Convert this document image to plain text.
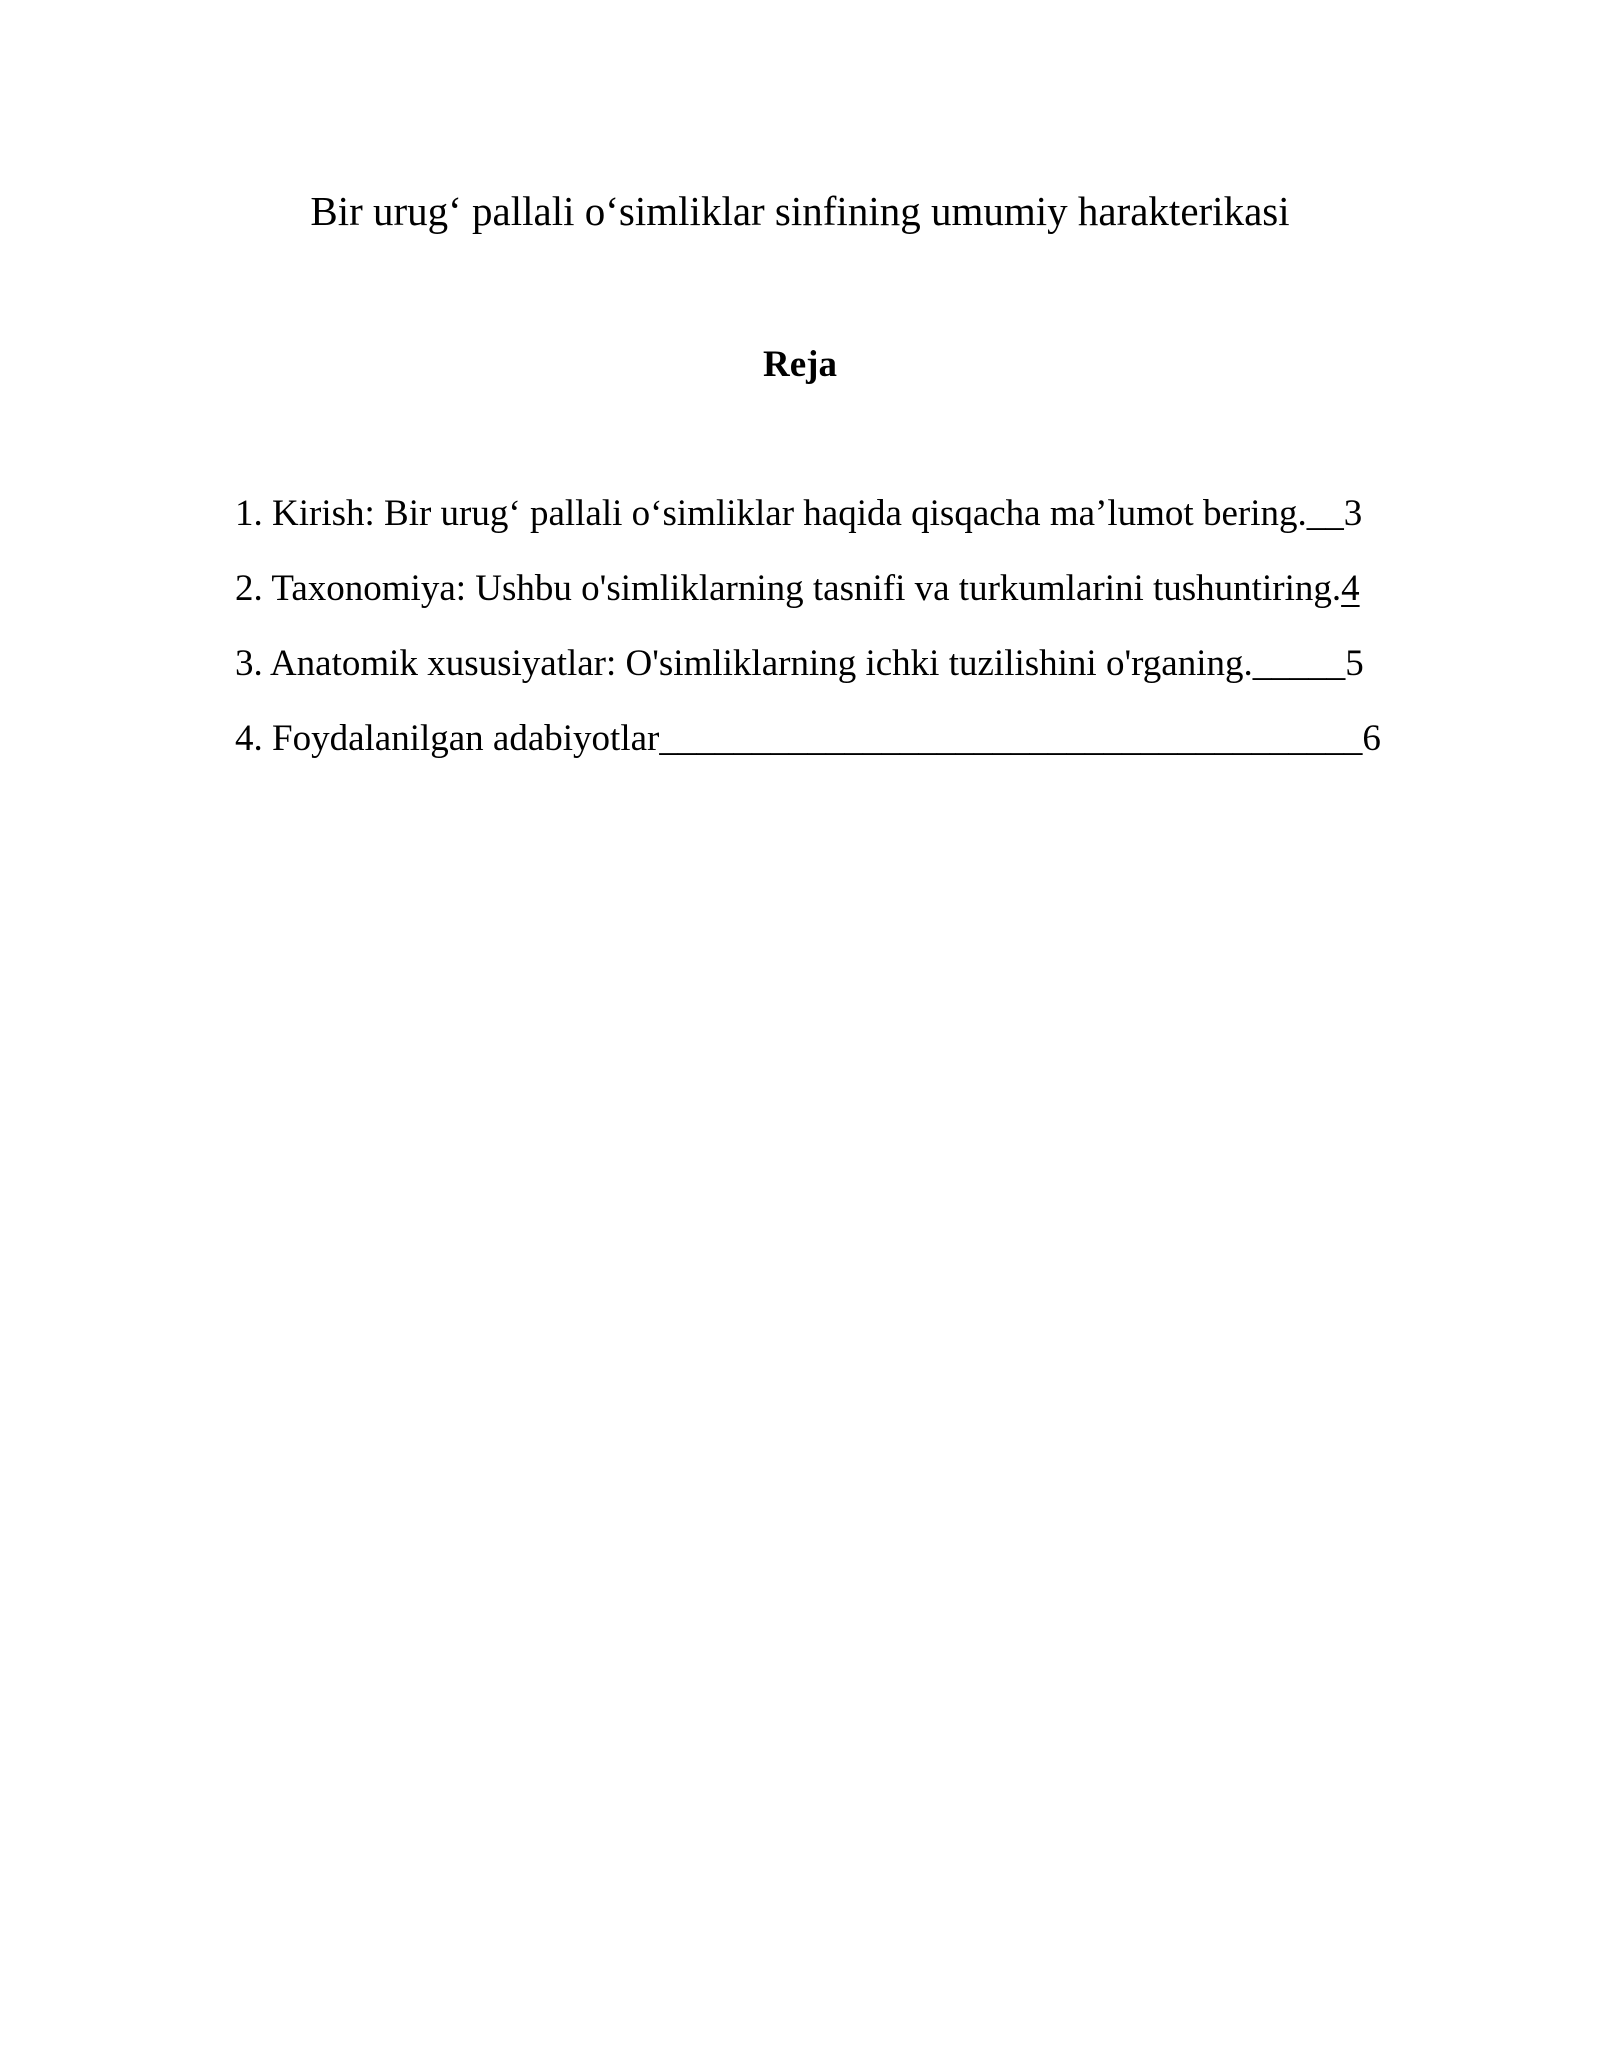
Bir urug‘ pallali o‘simliklar sinfining umumiy harakterikasi
Reja
1. Kirish: Bir urug‘ pallali o‘simliklar haqida qisqacha ma’lumot bering.__3
2. Taxonomiya: Ushbu o'simliklarning tasnifi va turkumlarini tushuntiring.4
3. Anatomik xususiyatlar: O'simliklarning ichki tuzilishini o'rganing._____5
4. Foydalanilgan adabiyotlar______________________________________6
